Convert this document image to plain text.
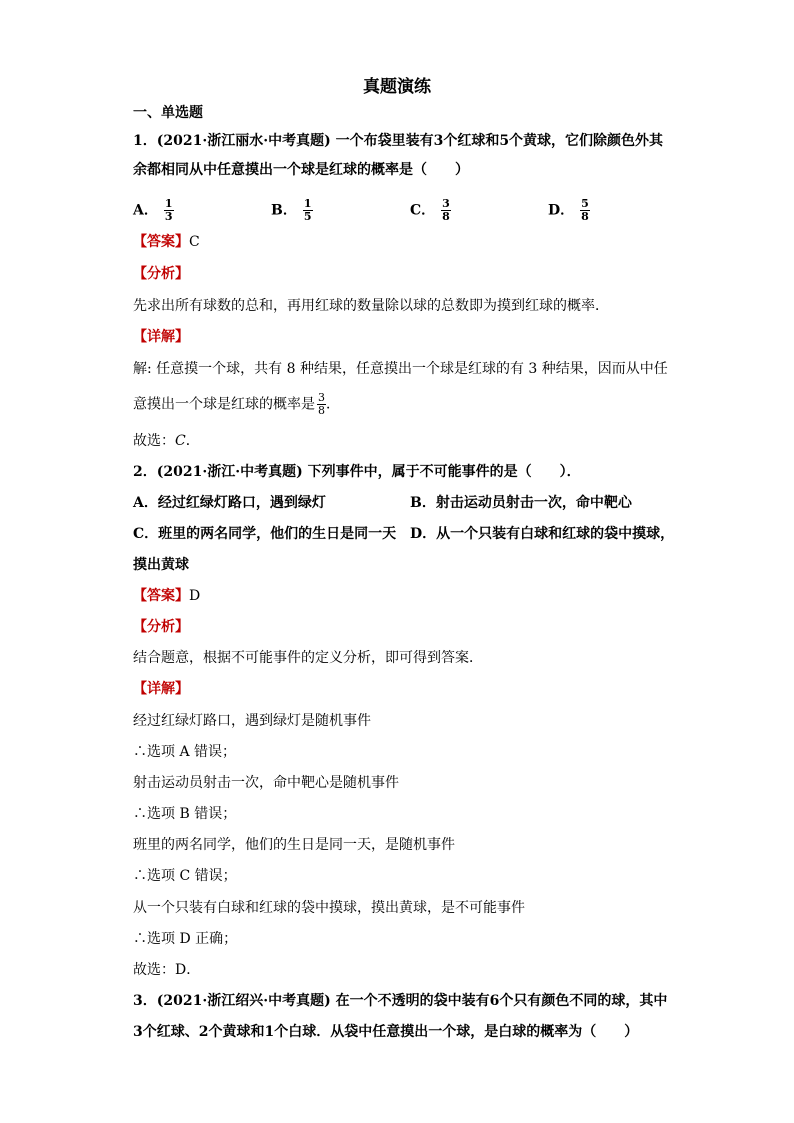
真题演练
一、单选题
1．(2021·浙江丽水·中考真题) 一个布袋里装有3个红球和5个黄球，它们除颜色外其
余都相同从中任意摸出一个球是红球的概率是（　　）
A． $\frac{1}{3}$	B． $\frac{1}{5}$	C． $\frac{3}{8}$	D． $\frac{5}{8}$
【答案】C
【分析】
先求出所有球数的总和，再用红球的数量除以球的总数即为摸到红球的概率．
【详解】
解: 任意摸一个球，共有 8 种结果，任意摸出一个球是红球的有 3 种结果，因而从中任
意摸出一个球是红球的概率是 $\frac{3}{8}$ ．
故选：C．
2．(2021·浙江·中考真题) 下列事件中，属于不可能事件的是（　　）．
A．经过红绿灯路口，遇到绿灯	B．射击运动员射击一次，命中靶心
C．班里的两名同学，他们的生日是同一天 D．从一个只装有白球和红球的袋中摸球，
摸出黄球
【答案】D
【分析】
结合题意，根据不可能事件的定义分析，即可得到答案．
【详解】
经过红绿灯路口，遇到绿灯是随机事件
∴选项 A 错误；
射击运动员射击一次，命中靶心是随机事件
∴选项 B 错误；
班里的两名同学，他们的生日是同一天，是随机事件
∴选项 C 错误；
从一个只装有白球和红球的袋中摸球，摸出黄球，是不可能事件
∴选项 D 正确；
故选：D．
3．(2021·浙江绍兴·中考真题) 在一个不透明的袋中装有6个只有颜色不同的球，其中
3个红球、2个黄球和1个白球．从袋中任意摸出一个球，是白球的概率为（　　）
